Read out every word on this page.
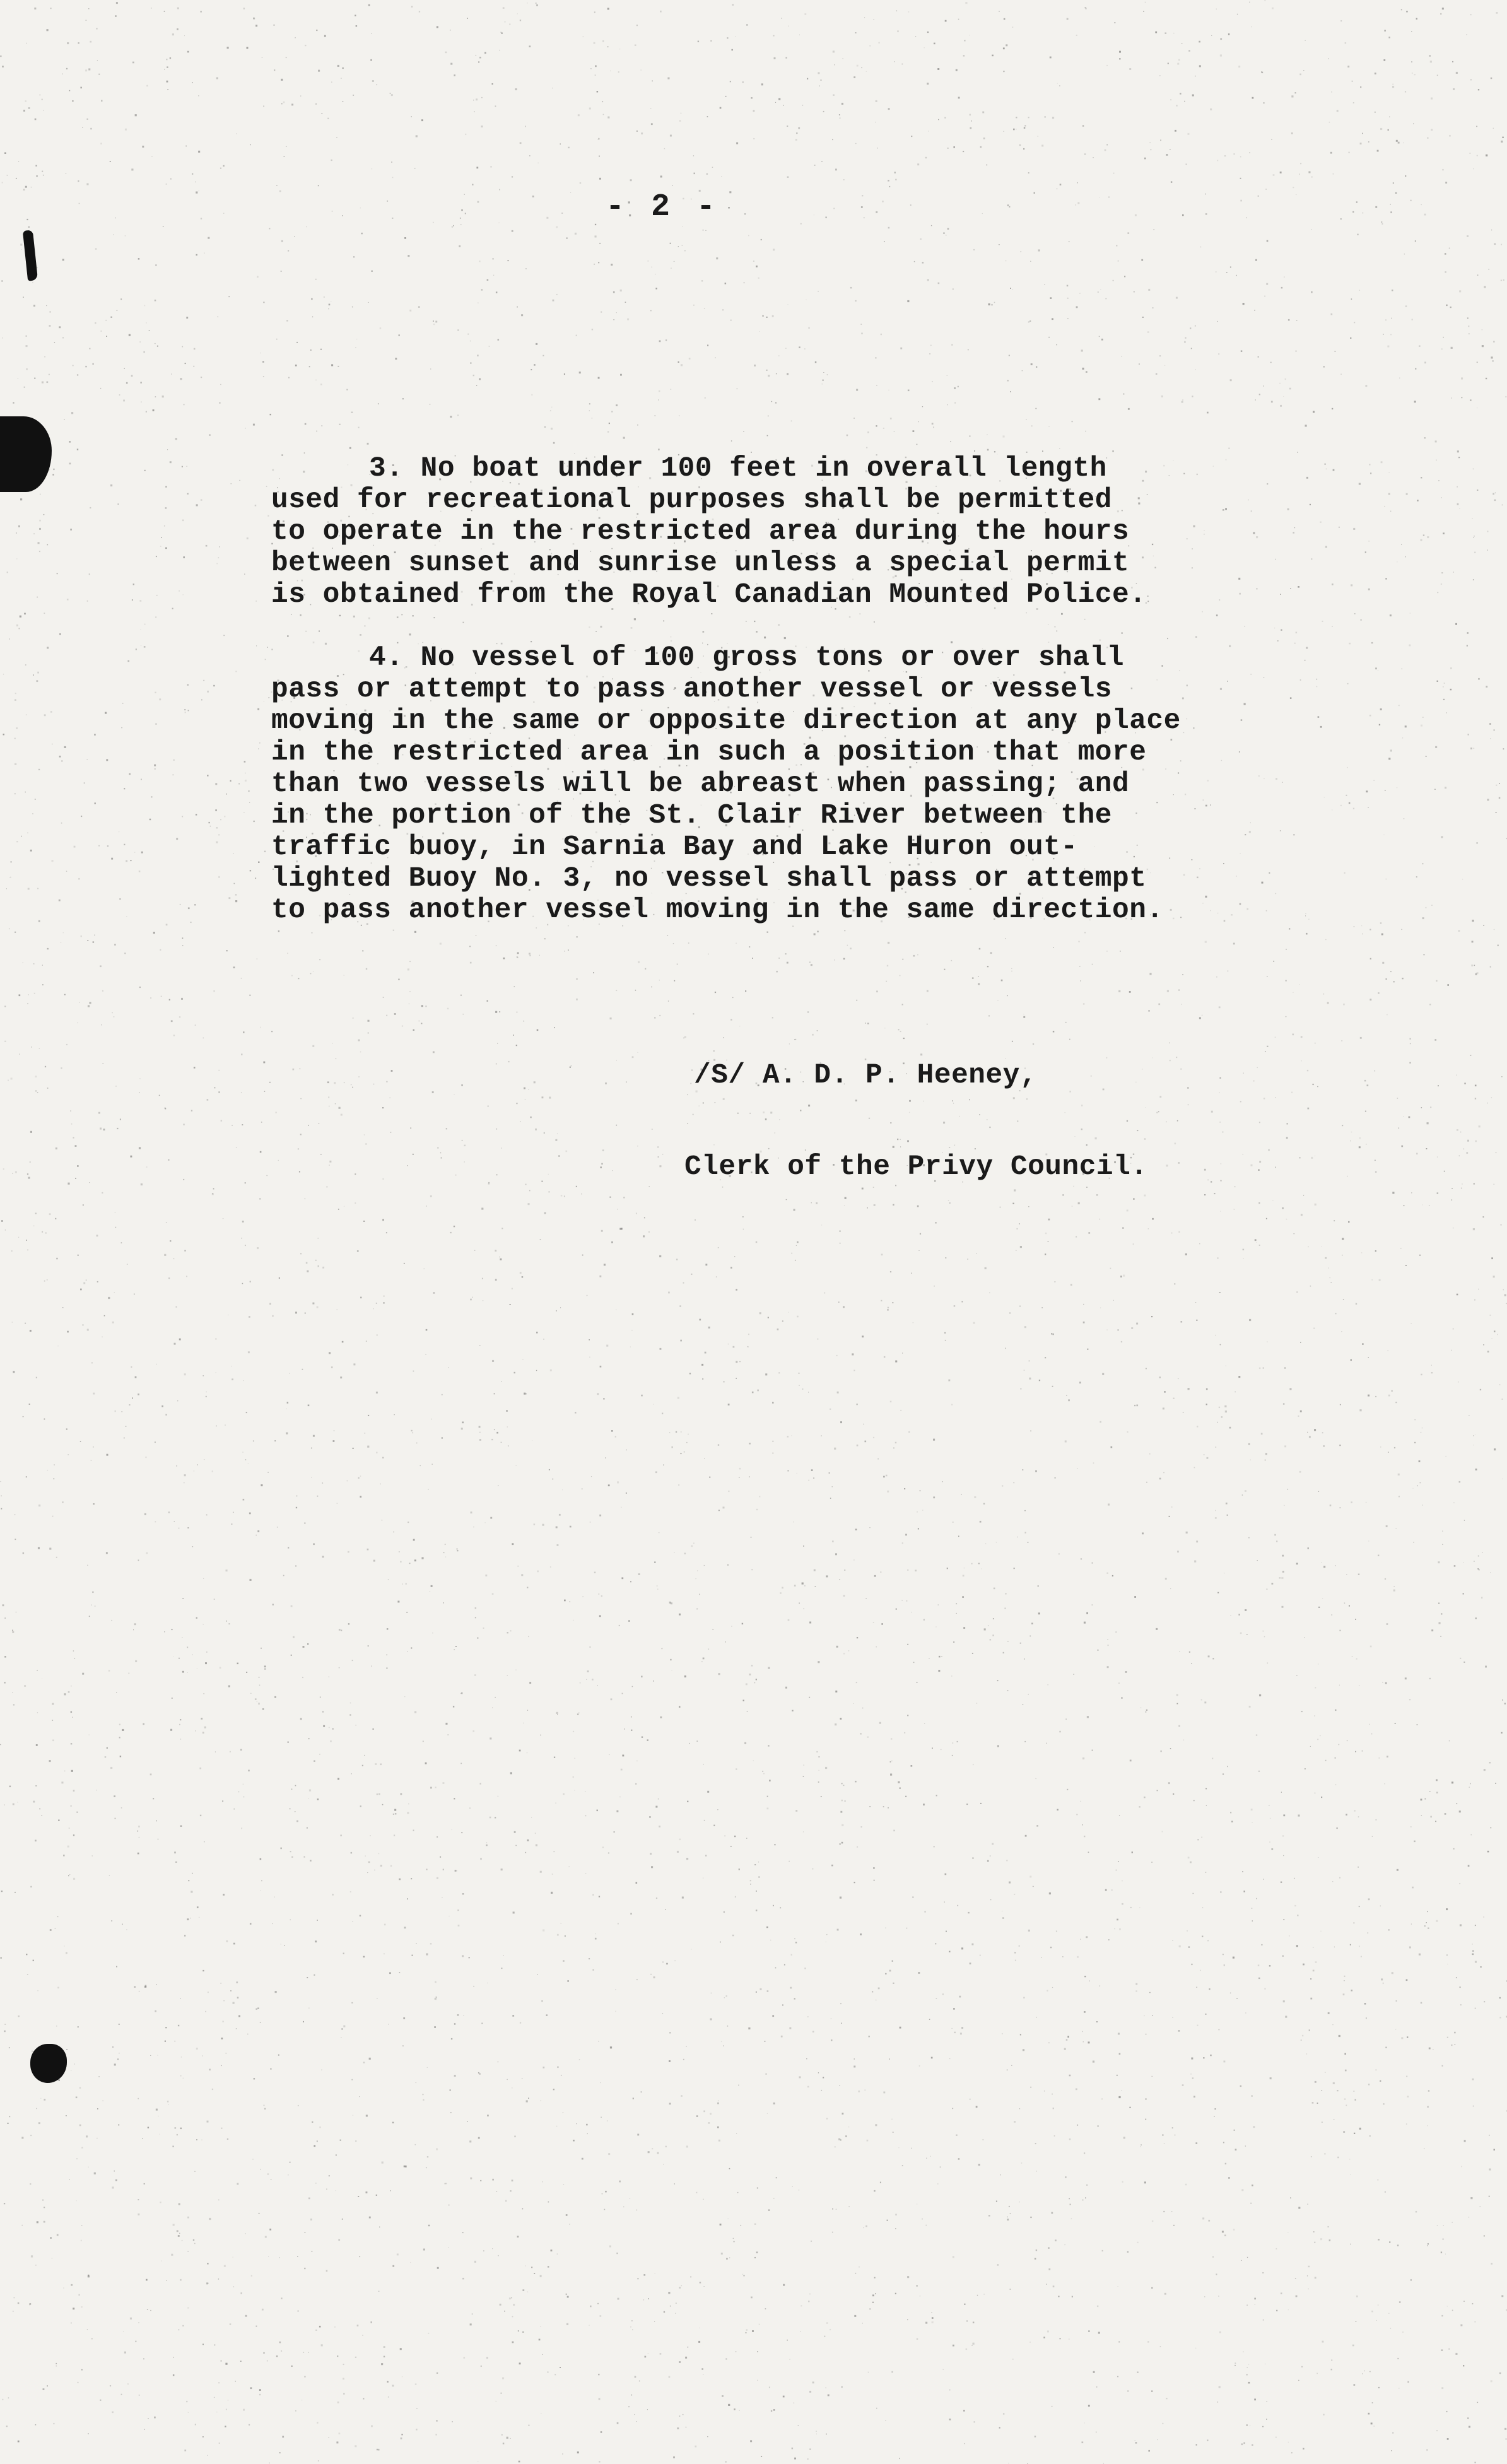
- 2 -
3. No boat under 100 feet in overall length
used for recreational purposes shall be permitted
to operate in the restricted area during the hours
between sunset and sunrise unless a special permit
is obtained from the Royal Canadian Mounted Police.
4. No vessel of 100 gross tons or over shall
pass or attempt to pass another vessel or vessels
moving in the same or opposite direction at any place
in the restricted area in such a position that more
than two vessels will be abreast when passing; and
in the portion of the St. Clair River between the
traffic buoy, in Sarnia Bay and Lake Huron out-
lighted Buoy No. 3, no vessel shall pass or attempt
to pass another vessel moving in the same direction.
/S/ A. D. P. Heeney,
Clerk of the Privy Council.
